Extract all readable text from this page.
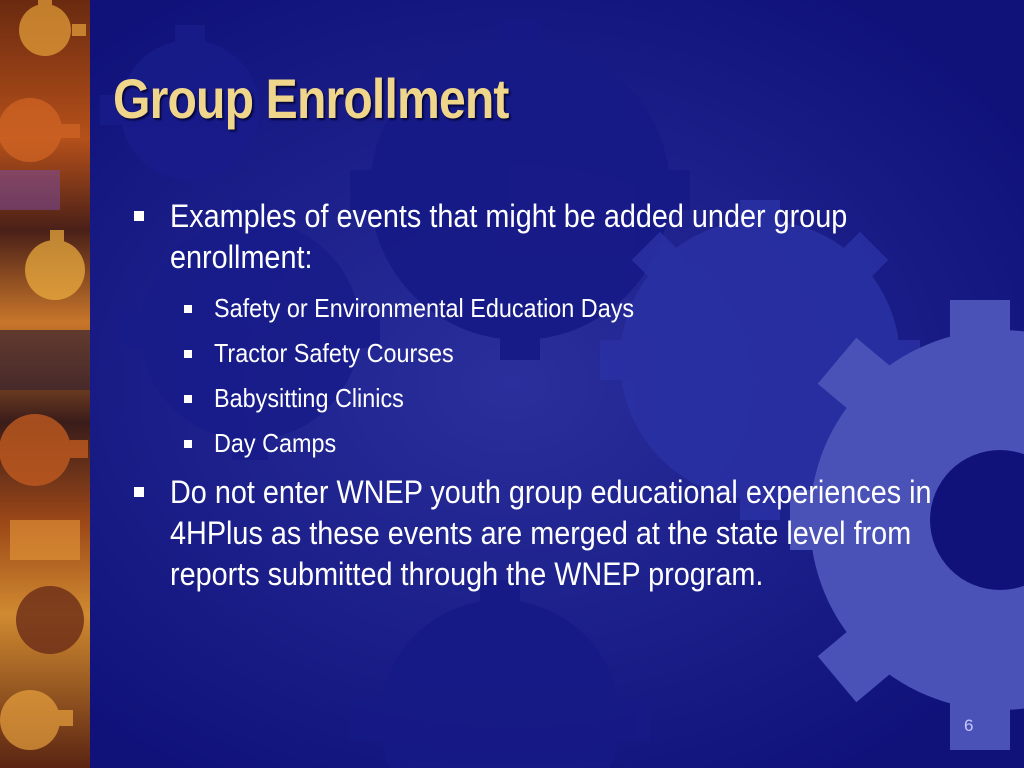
Group Enrollment
Examples of events that might be added under group enrollment:
Safety or Environmental Education Days
Tractor Safety Courses
Babysitting Clinics
Day Camps
Do not enter WNEP youth group educational experiences in 4HPlus as these events are merged at the state level from reports submitted through the WNEP program.
6
